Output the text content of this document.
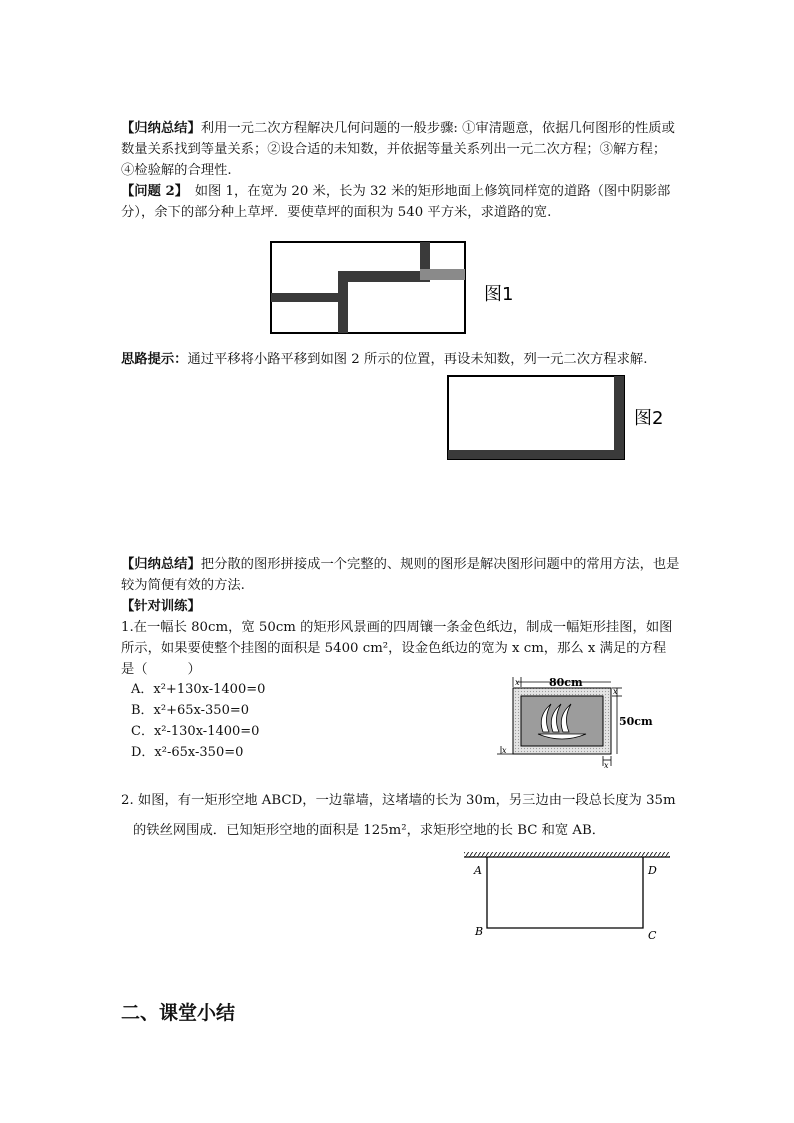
【归纳总结】利用一元二次方程解决几何问题的一般步骤: ①审清题意，依据几何图形的性质或数量关系找到等量关系；②设合适的未知数，并依据等量关系列出一元二次方程；③解方程；④检验解的合理性.

【问题 2】　如图 1，在宽为 20 米，长为 32 米的矩形地面上修筑同样宽的道路（图中阴影部分），余下的部分种上草坪．要使草坪的面积为 540 平方米，求道路的宽.

图1

思路提示：通过平移将小路平移到如图 2 所示的位置，再设未知数，列一元二次方程求解.

图2

【归纳总结】把分散的图形拼接成一个完整的、规则的图形是解决图形问题中的常用方法，也是较为简便有效的方法.

【针对训练】

1.在一幅长 80cm，宽 50cm 的矩形风景画的四周镶一条金色纸边，制成一幅矩形挂图，如图所示，如果要使整个挂图的面积是 5400 cm²，设金色纸边的宽为 x cm，那么 x 满足的方程是（　　　）

A．x²+130x-1400=0
B．x²+65x-350=0
C．x²-130x-1400=0
D．x²-65x-350=0
80cm
x
x
50cm
x
x

2. 如图，有一矩形空地 ABCD，一边靠墙，这堵墙的长为 30m，另三边由一段总长度为 35m

的铁丝网围成．已知矩形空地的面积是 125m²，求矩形空地的长 BC 和宽 AB．

A	D
B	C
二、课堂小结
